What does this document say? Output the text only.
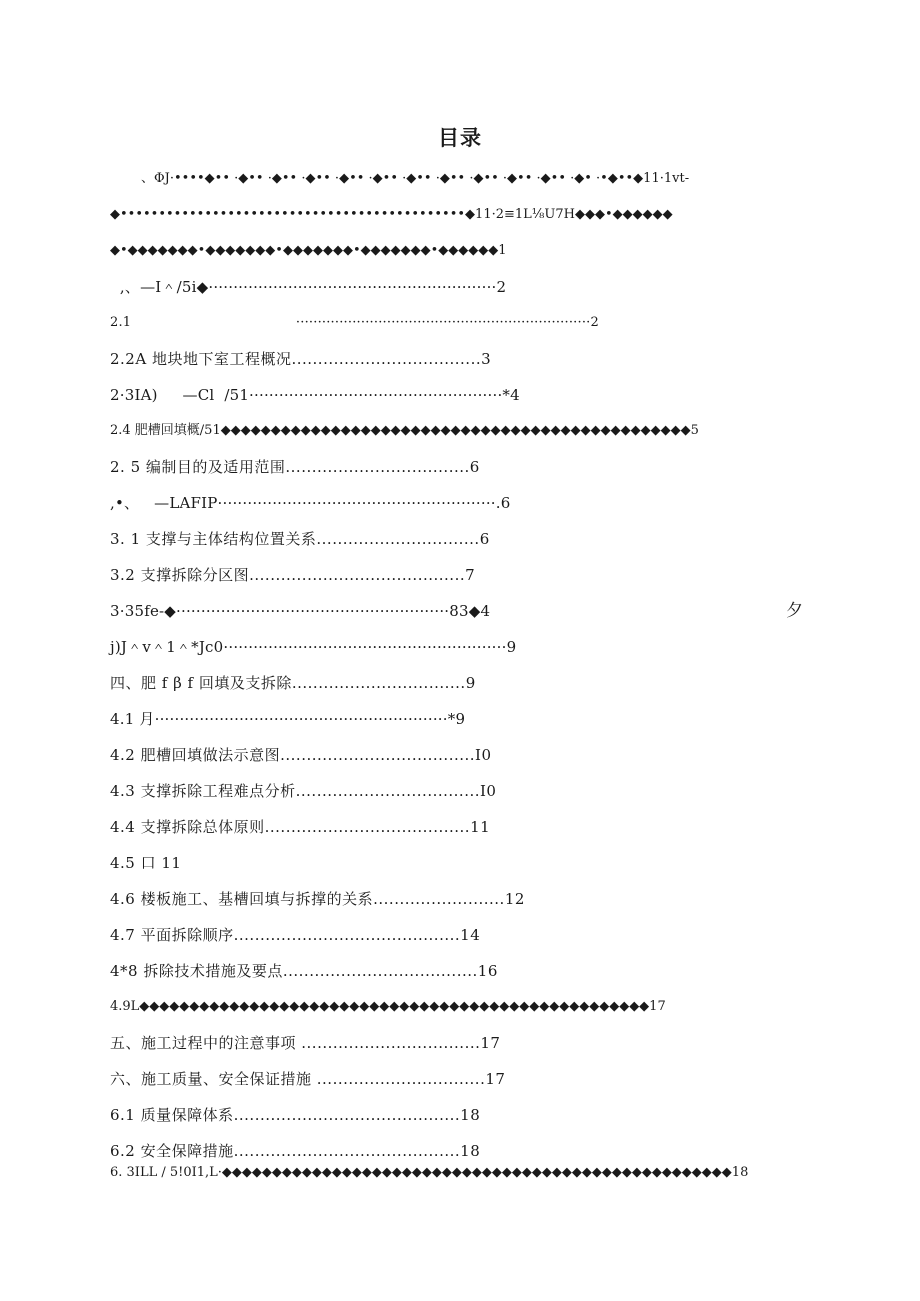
目录
　、ΦJ·••••◆•• ·◆•• ·◆•• ·◆•• ·◆•• ·◆•• ·◆•• ·◆•• ·◆•• ·◆•• ·◆•• ·◆• ·•◆••◆11·1vt-
◆•••••••••••••••••••••••••••••••••••••••••••••◆11·2≡1L⅛U7H◆◆◆•◆◆◆◆◆◆
◆•◆◆◆◆◆◆◆•◆◆◆◆◆◆◆•◆◆◆◆◆◆◆•◆◆◆◆◆◆◆•◆◆◆◆◆◆1
,、—I＾/5i◆··························································2
2.1                                      ····································································2
2.2A 地块地下室工程概况....................................3
2·3IA)     —Cl  /51···················································*4
2.4 肥槽回填概/51◆◆◆◆◆◆◆◆◆◆◆◆◆◆◆◆◆◆◆◆◆◆◆◆◆◆◆◆◆◆◆◆◆◆◆◆◆◆◆◆◆◆◆◆◆◆◆5
2. 5 编制目的及适用范围...................................6
,•、   —LAFIP························································.6
3. 1 支撑与主体结构位置关系...............................6
3.2 支撑拆除分区图.........................................7
3·35fe-◆·······················································83◆4	夕
j)J＾v＾1＾*Jc0·························································9
四、肥 f β f 回填及支拆除.................................9
4.1 月···························································*9
4.2 肥槽回填做法示意图.....................................I0
4.3 支撑拆除工程难点分析...................................I0
4.4 支撑拆除总体原则.......................................11
4.5 口 11
4.6 楼板施工、基槽回填与拆撑的关系.........................12
4.7 平面拆除顺序...........................................14
4*8 拆除技术措施及要点.....................................16
4.9L◆◆◆◆◆◆◆◆◆◆◆◆◆◆◆◆◆◆◆◆◆◆◆◆◆◆◆◆◆◆◆◆◆◆◆◆◆◆◆◆◆◆◆◆◆◆◆◆◆◆◆17
五、施工过程中的注意事项 ..................................17
六、施工质量、安全保证措施 ................................17
6.1 质量保障体系...........................................18
6.2 安全保障措施...........................................18
6. 3ILL / 5!0I1,L·◆◆◆◆◆◆◆◆◆◆◆◆◆◆◆◆◆◆◆◆◆◆◆◆◆◆◆◆◆◆◆◆◆◆◆◆◆◆◆◆◆◆◆◆◆◆◆◆◆◆◆18
